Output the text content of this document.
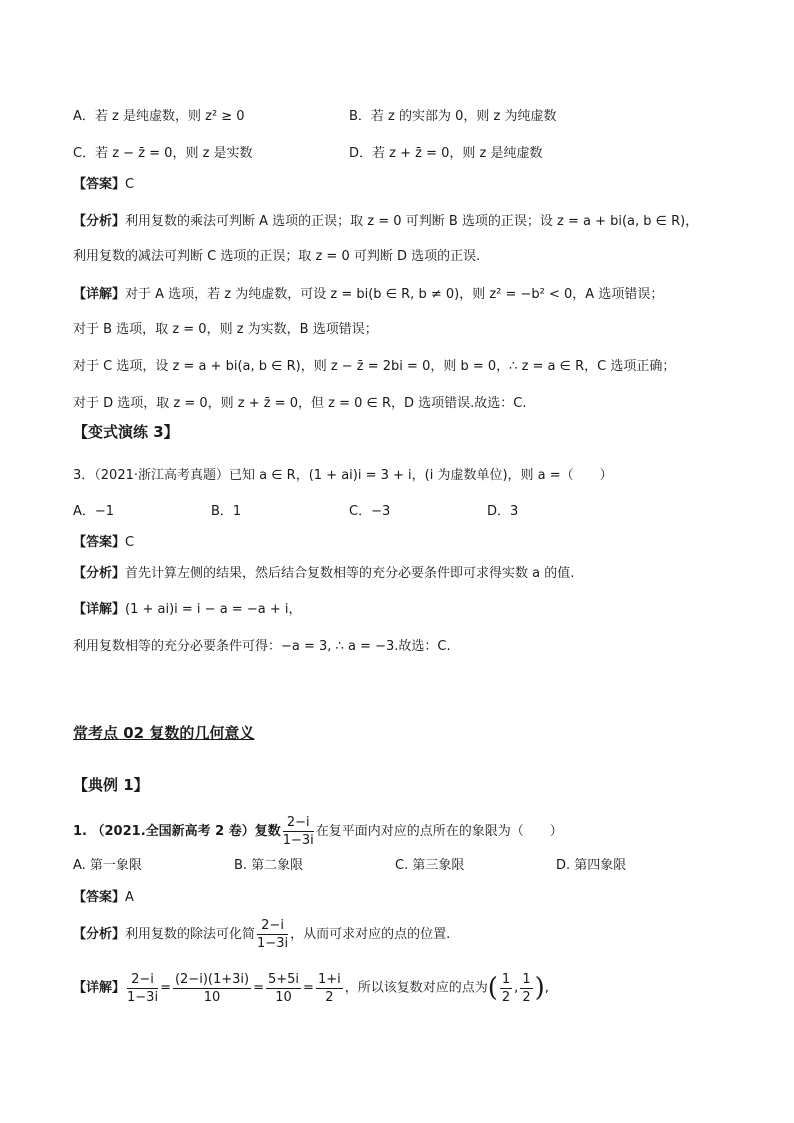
A．若 z 是纯虚数，则 z² ≥ 0	B．若 z 的实部为 0，则 z 为纯虚数
C．若 z − z̄ = 0，则 z 是实数	D．若 z + z̄ = 0，则 z 是纯虚数
【答案】C
【分析】利用复数的乘法可判断 A 选项的正误；取 z = 0 可判断 B 选项的正误；设 z = a + bi(a, b ∈ R)，
利用复数的减法可判断 C 选项的正误；取 z = 0 可判断 D 选项的正误.
【详解】对于 A 选项，若 z 为纯虚数，可设 z = bi(b ∈ R, b ≠ 0)，则 z² = −b² < 0，A 选项错误；
对于 B 选项，取 z = 0，则 z 为实数，B 选项错误；
对于 C 选项，设 z = a + bi(a, b ∈ R)，则 z − z̄ = 2bi = 0，则 b = 0，∴ z = a ∈ R，C 选项正确；
对于 D 选项，取 z = 0，则 z + z̄ = 0，但 z = 0 ∈ R，D 选项错误.故选：C.
【变式演练 3】
3．（2021·浙江高考真题）已知 a ∈ R，(1 + ai)i = 3 + i，(i 为虚数单位)，则 a =（　　）
A．−1	B．1	C．−3	D．3
【答案】C
【分析】首先计算左侧的结果，然后结合复数相等的充分必要条件即可求得实数 a 的值.
【详解】(1 + ai)i = i − a = −a + i，
利用复数相等的充分必要条件可得：−a = 3, ∴ a = −3.故选：C.
常考点 02 复数的几何意义
【典例 1】
1. （2021.全国新高考 2 卷）复数 $\frac{2-i}{1-3i}$ 在复平面内对应的点所在的象限为（　　）
A. 第一象限	B. 第二象限	C. 第三象限	D. 第四象限
【答案】A
【分析】利用复数的除法可化简 $\frac{2-i}{1-3i}$ ，从而可求对应的点的位置.
【详解】 $\frac{2-i}{1-3i} = \frac{(2-i)(1+3i)}{10} = \frac{5+5i}{10} = \frac{1+i}{2}$ ，所以该复数对应的点为( $\frac{1}{2}$ , $\frac{1}{2}$ ),
